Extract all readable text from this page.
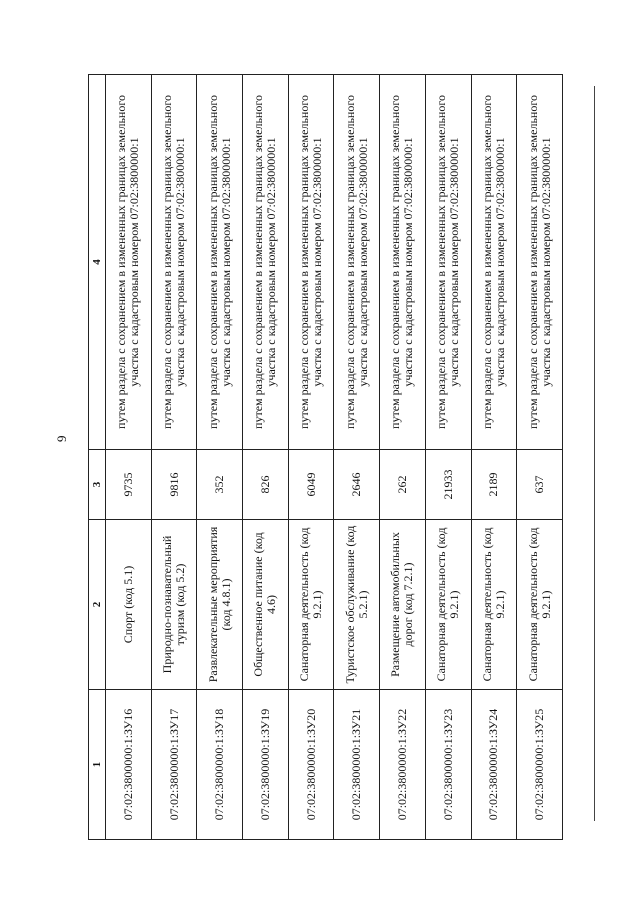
9
1	2	3	4
07:02:3800000:1:ЗУ16	Спорт (код 5.1)	9735	путем раздела с сохранением в измененных границах земельного участка с кадастровым номером 07:02:3800000:1
07:02:3800000:1:ЗУ17	Природно-познавательный туризм (код 5.2)	9816	путем раздела с сохранением в измененных границах земельного участка с кадастровым номером 07:02:3800000:1
07:02:3800000:1:ЗУ18	Развлекательные мероприятия (код 4.8.1)	352	путем раздела с сохранением в измененных границах земельного участка с кадастровым номером 07:02:3800000:1
07:02:3800000:1:ЗУ19	Общественное питание (код 4.6)	826	путем раздела с сохранением в измененных границах земельного участка с кадастровым номером 07:02:3800000:1
07:02:3800000:1:ЗУ20	Санаторная деятельность (код 9.2.1)	6049	путем раздела с сохранением в измененных границах земельного участка с кадастровым номером 07:02:3800000:1
07:02:3800000:1:ЗУ21	Туристское обслуживание (код 5.2.1)	2646	путем раздела с сохранением в измененных границах земельного участка с кадастровым номером 07:02:3800000:1
07:02:3800000:1:ЗУ22	Размещение автомобильных дорог (код 7.2.1)	262	путем раздела с сохранением в измененных границах земельного участка с кадастровым номером 07:02:3800000:1
07:02:3800000:1:ЗУ23	Санаторная деятельность (код 9.2.1)	21933	путем раздела с сохранением в измененных границах земельного участка с кадастровым номером 07:02:3800000:1
07:02:3800000:1:ЗУ24	Санаторная деятельность (код 9.2.1)	2189	путем раздела с сохранением в измененных границах земельного участка с кадастровым номером 07:02:3800000:1
07:02:3800000:1:ЗУ25	Санаторная деятельность (код 9.2.1)	637	путем раздела с сохранением в измененных границах земельного участка с кадастровым номером 07:02:3800000:1
